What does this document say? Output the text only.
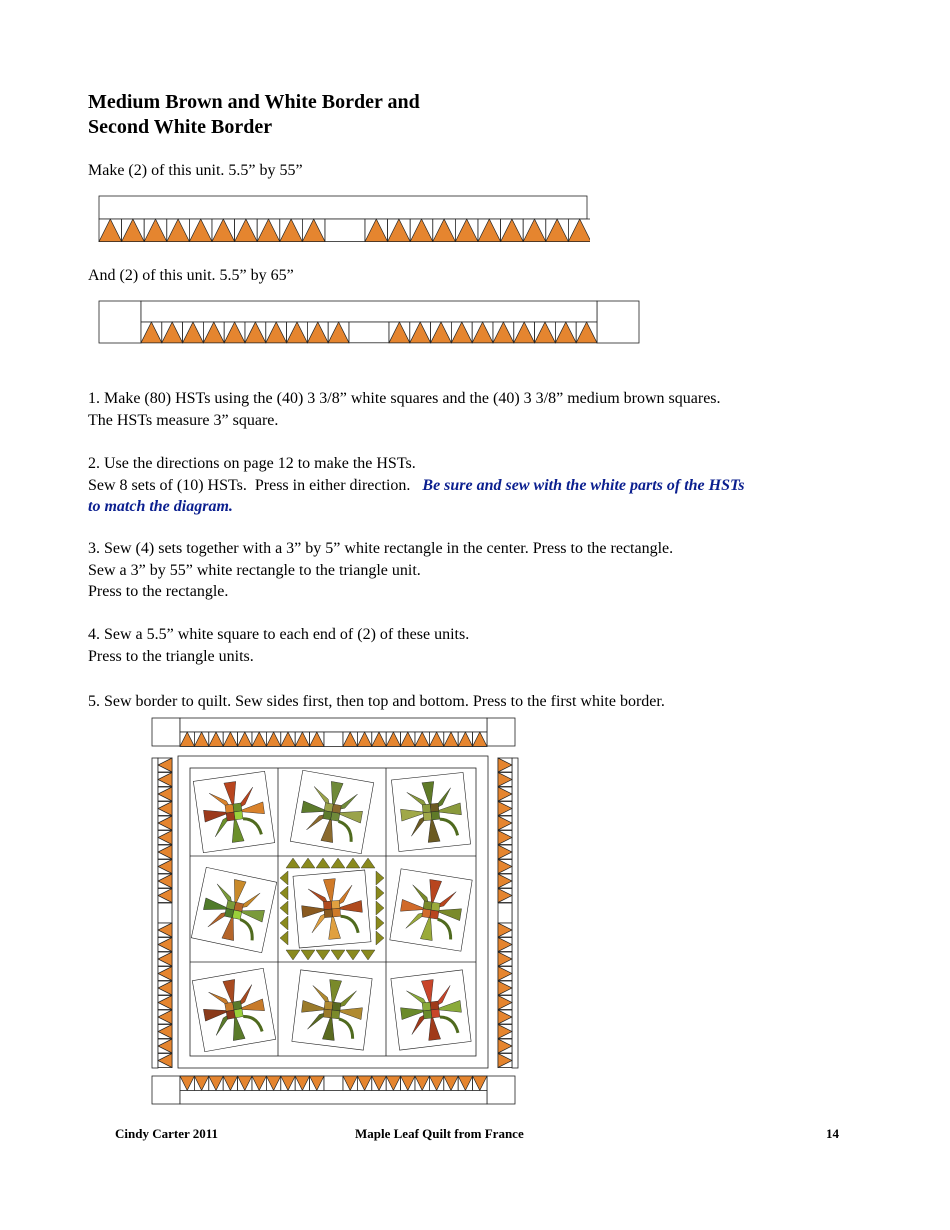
Medium Brown and White Border and
Second White Border
Make (2) of this unit. 5.5” by 55”
And (2) of this unit. 5.5” by 65”
1. Make (80) HSTs using the (40) 3 3/8” white squares and the (40) 3 3/8” medium brown squares.
The HSTs measure 3” square.
2. Use the directions on page 12 to make the HSTs.
Sew 8 sets of (10) HSTs.  Press in either direction.   Be sure and sew with the white parts of the HSTs
to match the diagram.
3. Sew (4) sets together with a 3” by 5” white rectangle in the center. Press to the rectangle.
Sew a 3” by 55” white rectangle to the triangle unit.
Press to the rectangle.
4. Sew a 5.5” white square to each end of (2) of these units.
Press to the triangle units.
5. Sew border to quilt. Sew sides first, then top and bottom. Press to the first white border.
Cindy Carter 2011	Maple Leaf Quilt from France	14
